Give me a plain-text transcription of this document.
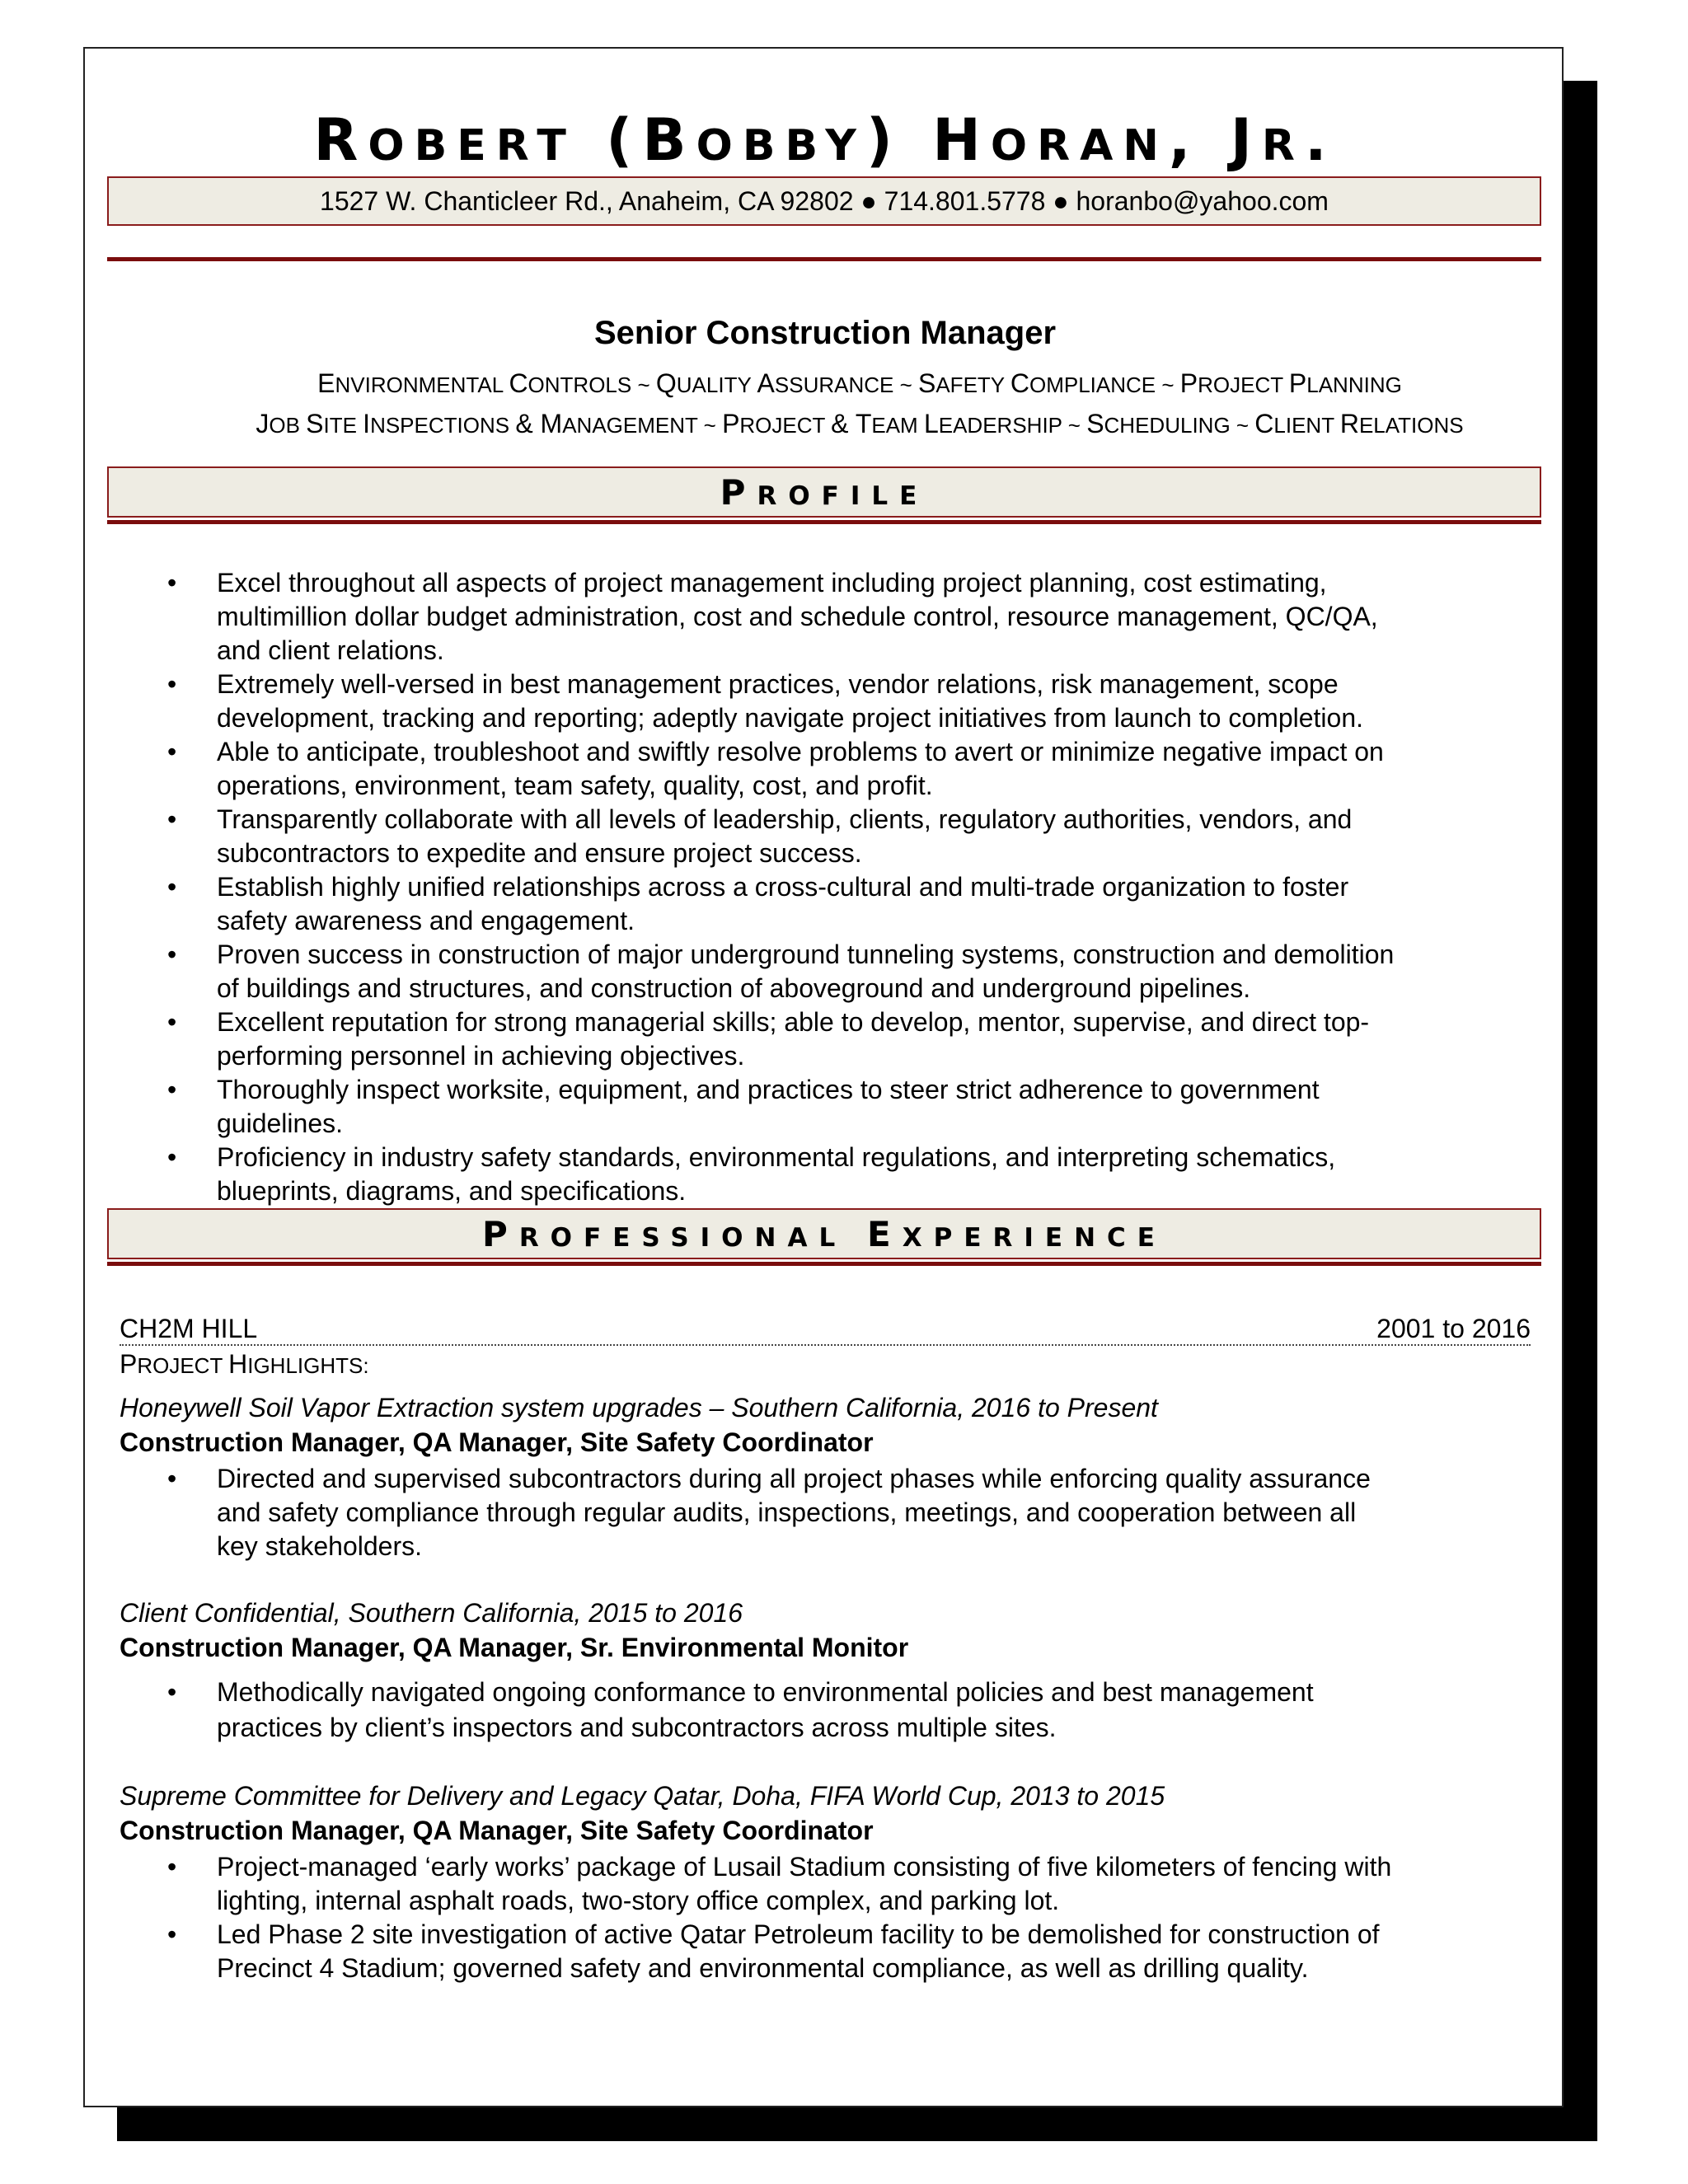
ROBERT (BOBBY) HORAN, JR.
1527 W. Chanticleer Rd., Anaheim, CA 92802 ● 714.801.5778 ● horanbo@yahoo.com
Senior Construction Manager
ENVIRONMENTAL CONTROLS ~ QUALITY ASSURANCE ~ SAFETY COMPLIANCE ~ PROJECT PLANNING
JOB SITE INSPECTIONS & MANAGEMENT ~ PROJECT & TEAM LEADERSHIP ~ SCHEDULING ~ CLIENT RELATIONS
PROFILE
• Excel throughout all aspects of project management including project planning, cost estimating, multimillion dollar budget administration, cost and schedule control, resource management, QC/QA, and client relations.
• Extremely well-versed in best management practices, vendor relations, risk management, scope development, tracking and reporting; adeptly navigate project initiatives from launch to completion.
• Able to anticipate, troubleshoot and swiftly resolve problems to avert or minimize negative impact on operations, environment, team safety, quality, cost, and profit.
• Transparently collaborate with all levels of leadership, clients, regulatory authorities, vendors, and subcontractors to expedite and ensure project success.
• Establish highly unified relationships across a cross-cultural and multi-trade organization to foster safety awareness and engagement.
• Proven success in construction of major underground tunneling systems, construction and demolition of buildings and structures, and construction of aboveground and underground pipelines.
• Excellent reputation for strong managerial skills; able to develop, mentor, supervise, and direct top-performing personnel in achieving objectives.
• Thoroughly inspect worksite, equipment, and practices to steer strict adherence to government guidelines.
• Proficiency in industry safety standards, environmental regulations, and interpreting schematics, blueprints, diagrams, and specifications.
PROFESSIONAL EXPERIENCE
CH2M HILL	2001 to 2016
PROJECT HIGHLIGHTS:
Honeywell Soil Vapor Extraction system upgrades – Southern California, 2016 to Present
Construction Manager, QA Manager, Site Safety Coordinator
• Directed and supervised subcontractors during all project phases while enforcing quality assurance and safety compliance through regular audits, inspections, meetings, and cooperation between all key stakeholders.
Client Confidential, Southern California, 2015 to 2016
Construction Manager, QA Manager, Sr. Environmental Monitor
• Methodically navigated ongoing conformance to environmental policies and best management practices by client’s inspectors and subcontractors across multiple sites.
Supreme Committee for Delivery and Legacy Qatar, Doha, FIFA World Cup, 2013 to 2015
Construction Manager, QA Manager, Site Safety Coordinator
• Project-managed ‘early works’ package of Lusail Stadium consisting of five kilometers of fencing with lighting, internal asphalt roads, two-story office complex, and parking lot.
• Led Phase 2 site investigation of active Qatar Petroleum facility to be demolished for construction of Precinct 4 Stadium; governed safety and environmental compliance, as well as drilling quality.
